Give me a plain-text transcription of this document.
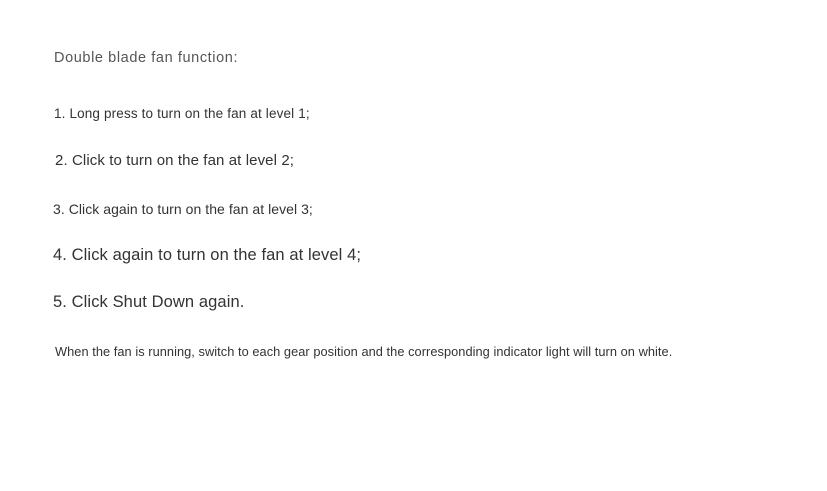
Double blade fan function:
1. Long press to turn on the fan at level 1;
2. Click to turn on the fan at level 2;
3. Click again to turn on the fan at level 3;
4. Click again to turn on the fan at level 4;
5. Click Shut Down again.
When the fan is running, switch to each gear position and the corresponding indicator light will turn on white.
